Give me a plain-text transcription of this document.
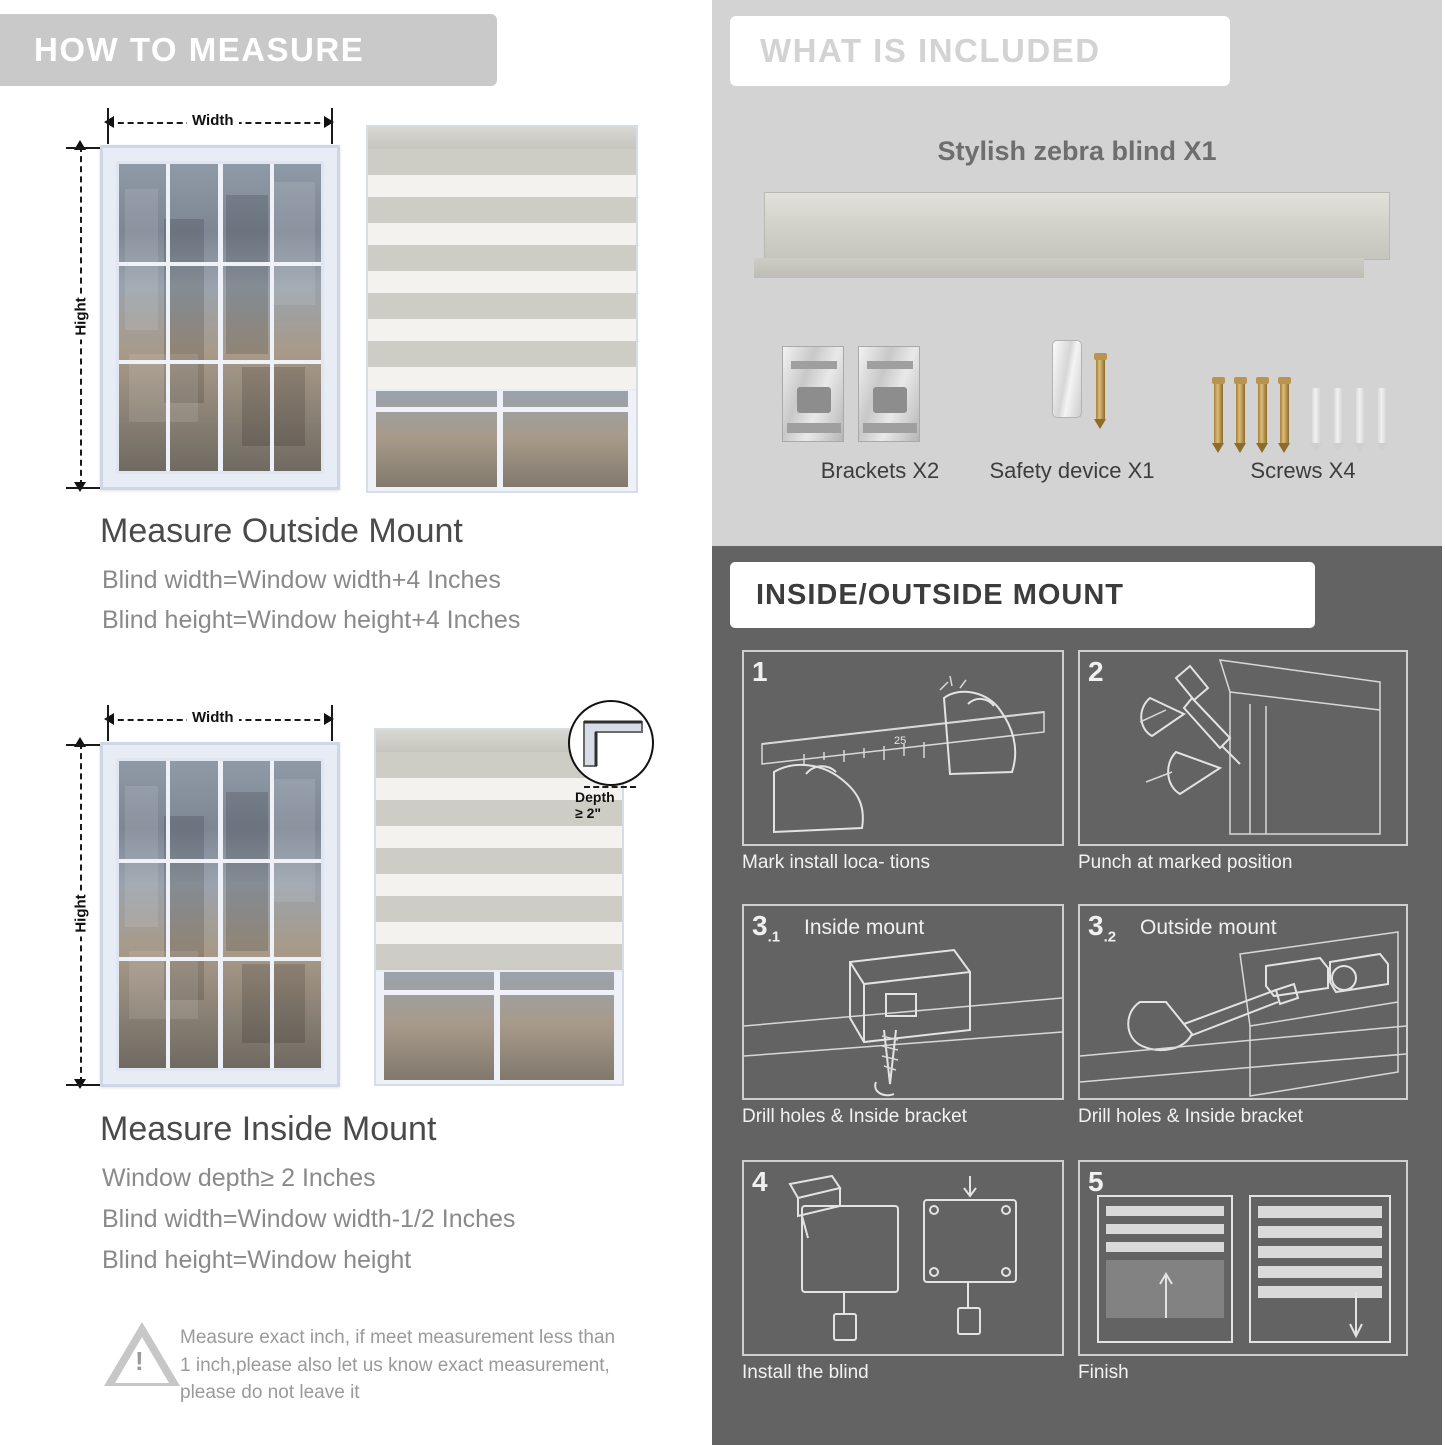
HOW TO MEASURE
Width
Hight
Measure Outside Mount
Blind width=Window width+4 Inches
Blind height=Window height+4 Inches
Width
Hight
Depth ≥ 2"
Measure Inside Mount
Window depth≥ 2 Inches
Blind width=Window width-1/2 Inches
Blind height=Window height
!
Measure exact inch, if meet measurement less than 1 inch,please also let us know exact measurement, please do not leave it
WHAT IS INCLUDED
Stylish zebra blind X1
Brackets X2	Safety device X1	Screws X4
INSIDE/OUTSIDE MOUNT
1
25
Mark install loca- tions
2
Punch at marked position
$3_{.1}$ Inside mount
Drill holes & Inside bracket
$3_{.2}$ Outside mount
Drill holes & Inside bracket
4
Install the blind
5
Finish
